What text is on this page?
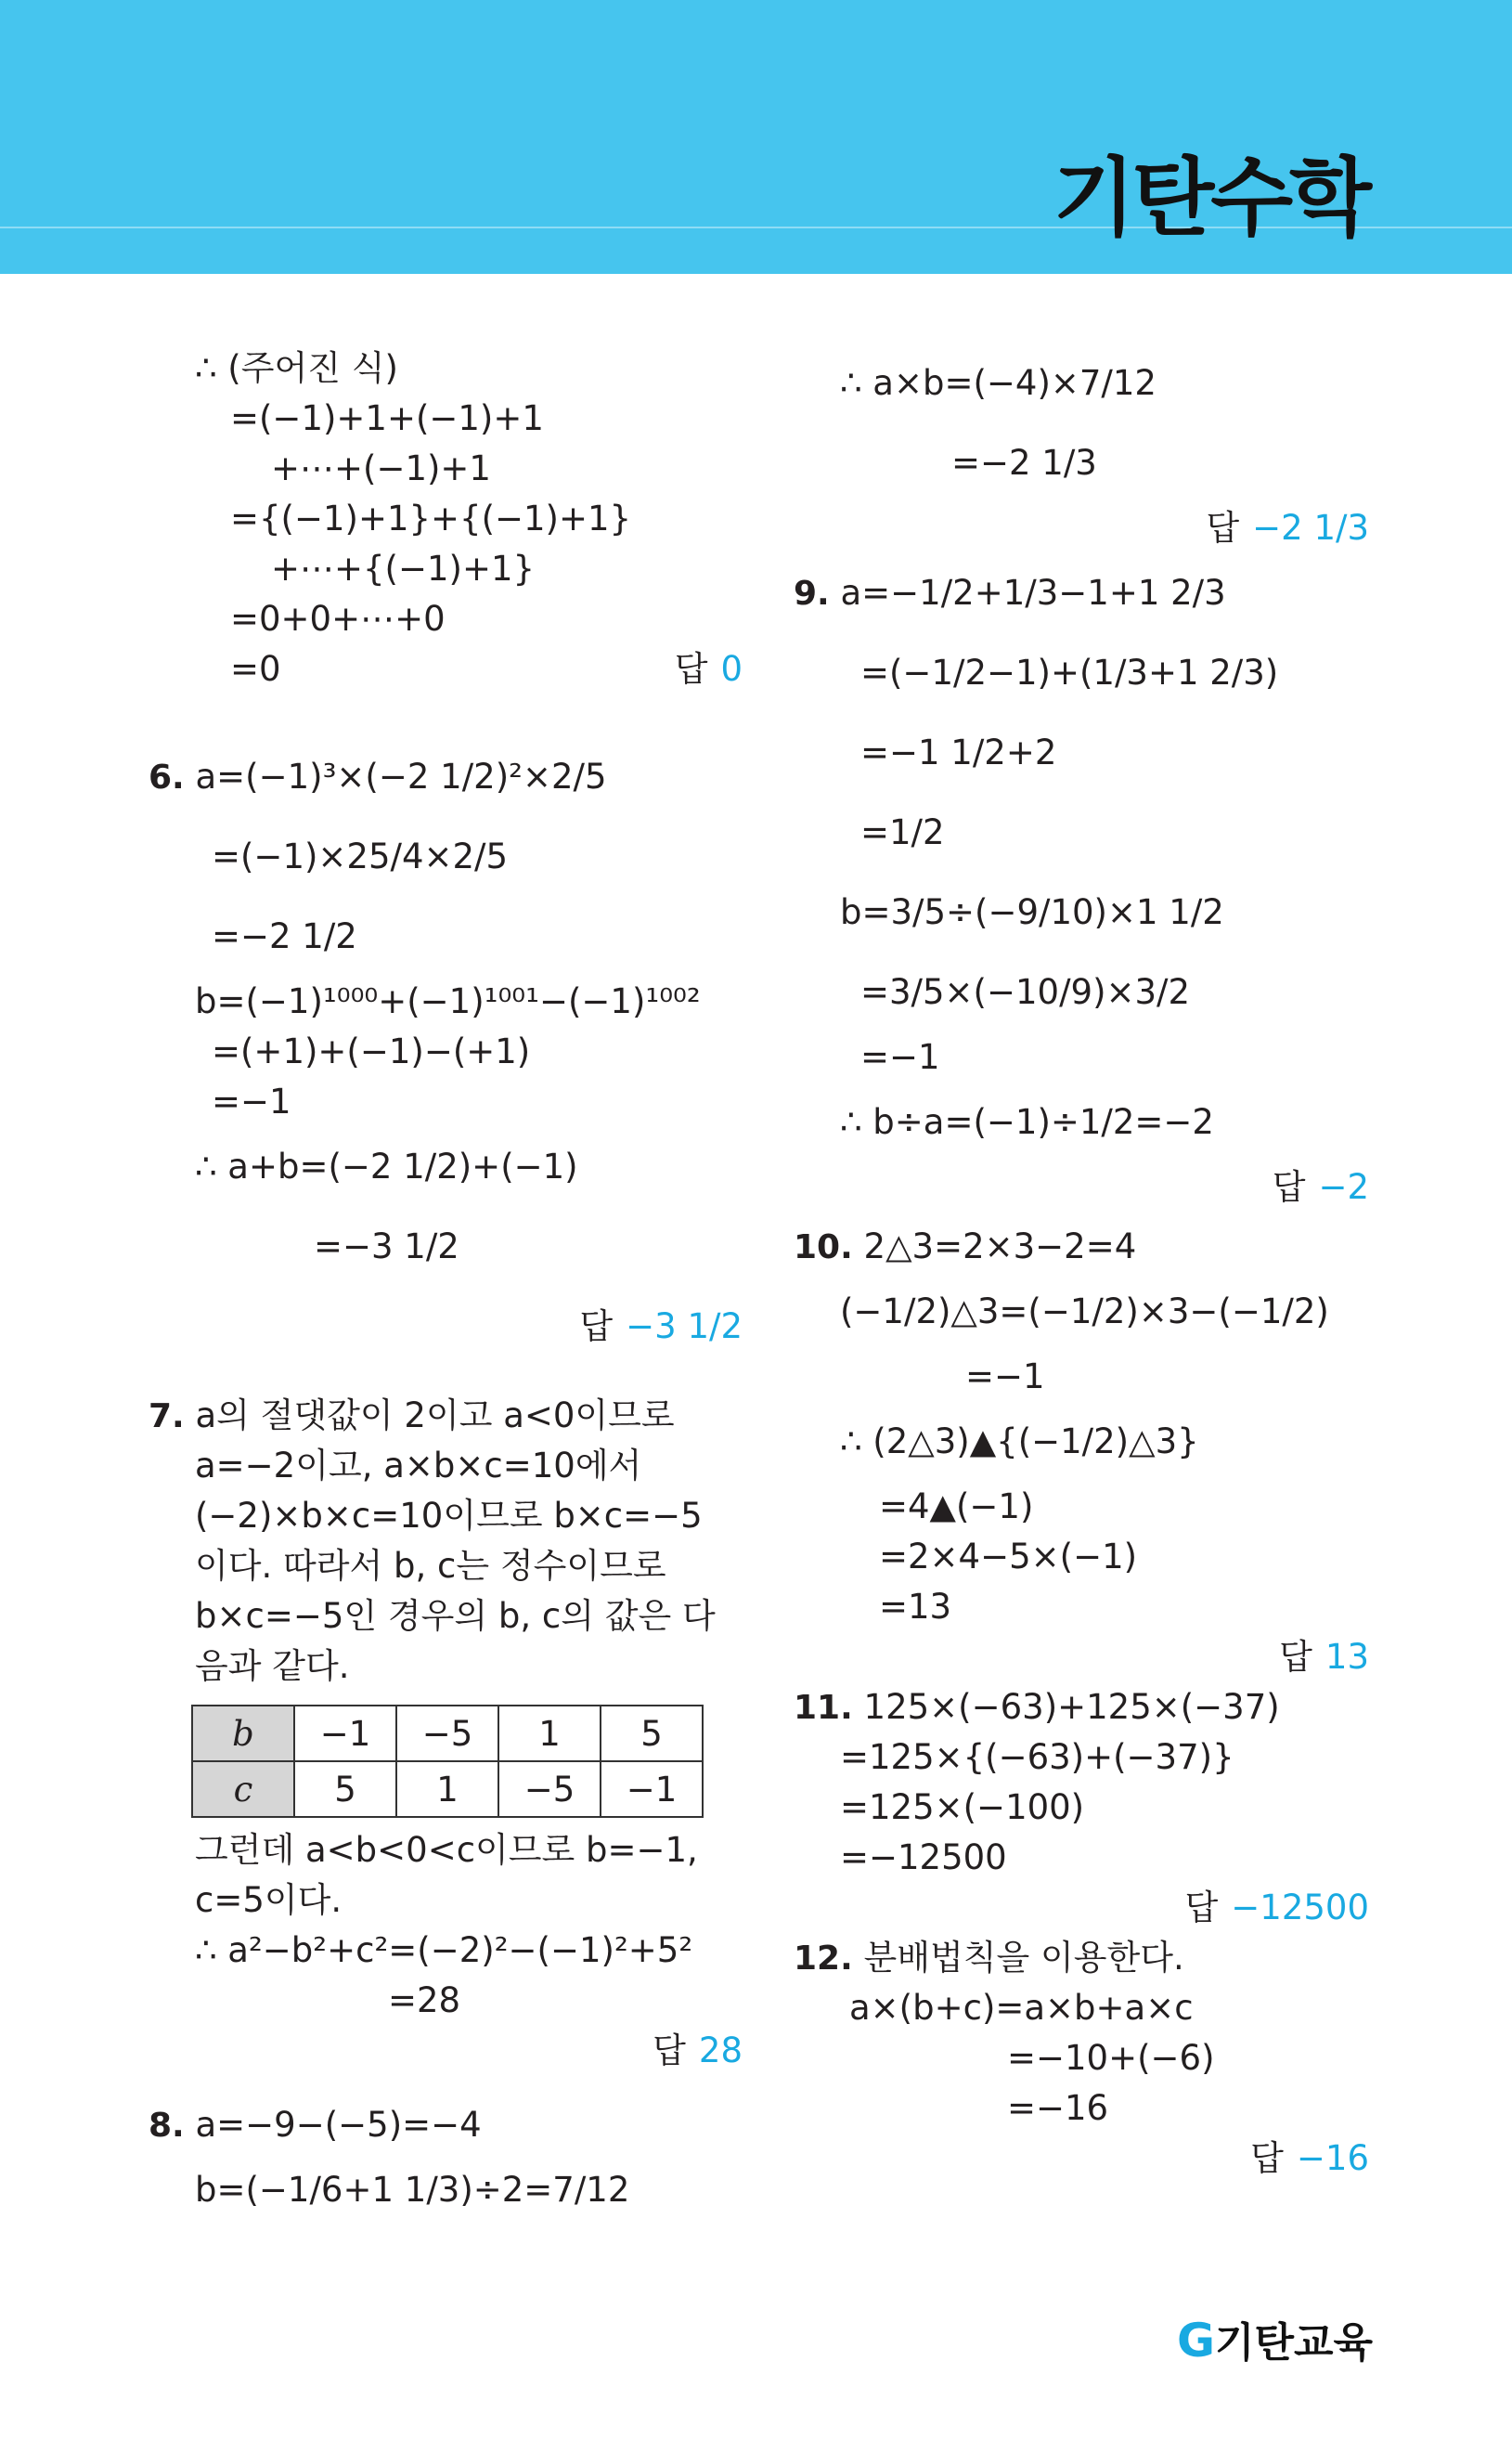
기탄수학
∴ (주어진 식)
=(−1)+1+(−1)+1
+⋯+(−1)+1
={(−1)+1}+{(−1)+1}
+⋯+{(−1)+1}
=0+0+⋯+0
=0	답 0
6. a=(−1)³×(−2 1/2)²×2/5
=(−1)×25/4×2/5
=−2 1/2
b=(−1)¹⁰⁰⁰+(−1)¹⁰⁰¹−(−1)¹⁰⁰²
=(+1)+(−1)−(+1)
=−1
∴ a+b=(−2 1/2)+(−1)
=−3 1/2
답 −3 1/2
7. a의 절댓값이 2이고 a<0이므로
a=−2이고, a×b×c=10에서
(−2)×b×c=10이므로 b×c=−5
이다. 따라서 b, c는 정수이므로
b×c=−5인 경우의 b, c의 값은 다
음과 같다.
b	−1	−5	1	5
c	5	1	−5	−1
그런데 a<b<0<c이므로 b=−1,
c=5이다.
∴ a²−b²+c²=(−2)²−(−1)²+5²
=28
답 28
8. a=−9−(−5)=−4
b=(−1/6+1 1/3)÷2=7/12
∴ a×b=(−4)×7/12
=−2 1/3
답 −2 1/3
9. a=−1/2+1/3−1+1 2/3
=(−1/2−1)+(1/3+1 2/3)
=−1 1/2+2
=1/2
b=3/5÷(−9/10)×1 1/2
=3/5×(−10/9)×3/2
=−1
∴ b÷a=(−1)÷1/2=−2
답 −2
10. 2△3=2×3−2=4
(−1/2)△3=(−1/2)×3−(−1/2)
=−1
∴ (2△3)▲{(−1/2)△3}
=4▲(−1)
=2×4−5×(−1)
=13
답 13
11. 125×(−63)+125×(−37)
=125×{(−63)+(−37)}
=125×(−100)
=−12500
답 −12500
12. 분배법칙을 이용한다.
a×(b+c)=a×b+a×c
=−10+(−6)
=−16
답 −16
G기탄교육
